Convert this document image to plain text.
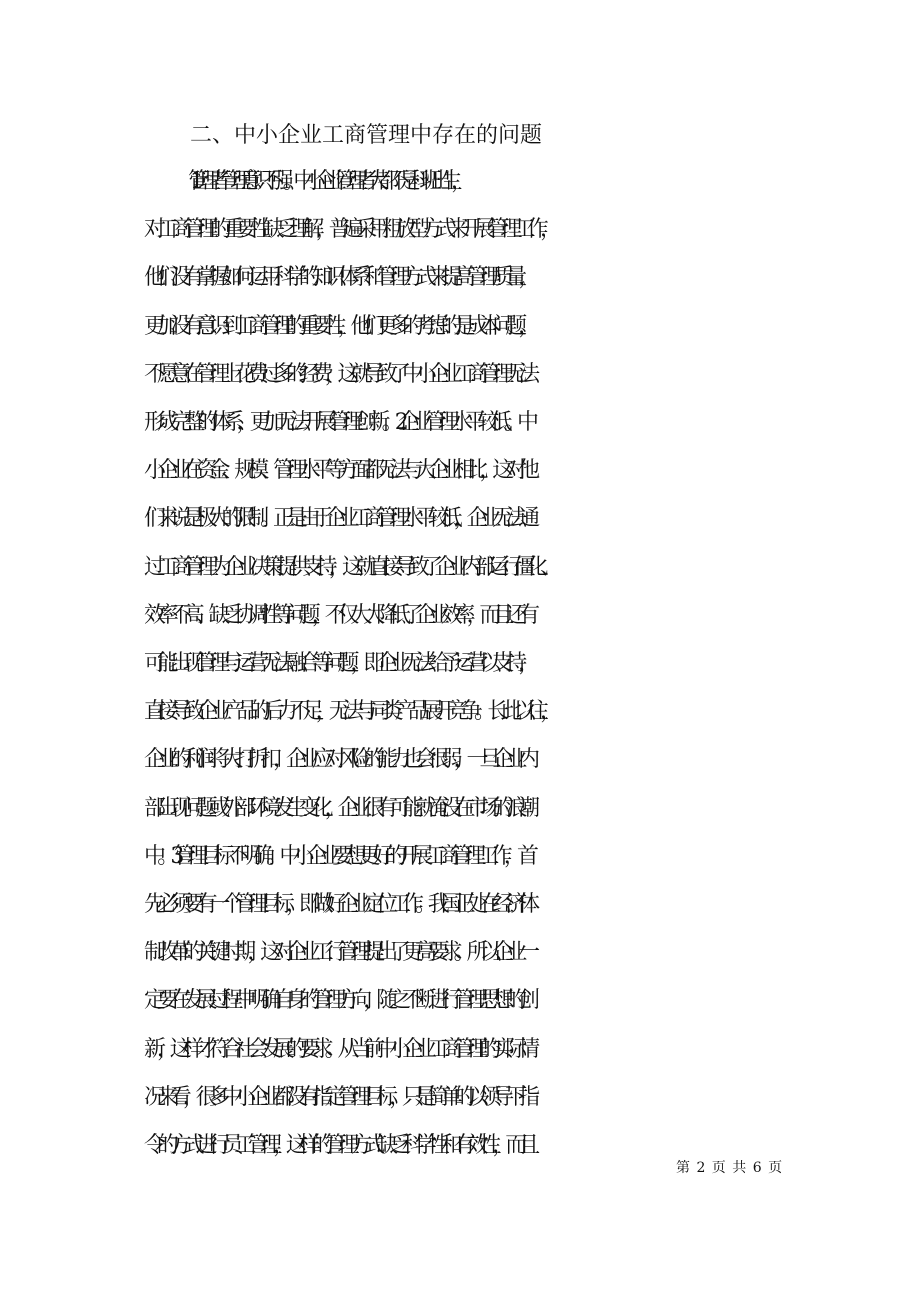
二、中小企业工商管理中存在的问题
1.管理者管理意识不强。中小企业管理者大都不是科班出生，
对工商管理的重要性缺乏理解，普遍采用粗放型方式来开展管理工作，
他们没有掌握如何运用科学的知识体系和管理方式来提高管理质量，
更加没有意识到工商管理的重要性，他们更多的考虑的是成本问题，
不愿意在管理上花费过多的经费，这就导致了中小企业工商管理无法
形成完整的体系，更加无法开展管理创新。2.企业管理水平较低。中
小企业在资金、规模、管理水平等方面都无法与大企业相比，这对他
们来说是极大的限制。正是由于企业工商管理水平较低，企业无法通
过工商管理为企业决策提供支持，这就直接导致了企业内部运行僵化、
效率不高、缺乏协调性等问题，不仅大大降低了企业效率，而且还有
可能出现管理与运营无法融合等问题，即企业无法给予运营以支持，
直接导致企业产品的后力不足，无法与同类产品展开竞争。长此以往，
企业的利润将大打折扣，企业应对风险的能力也会很弱，一旦企业内
部出现问题或外部环境发生变化，企业很有可能就淹没在市场的浪潮
中。3.管理目标不明确。中小企业要想更好的开展工商管理工作，首
先必须要有一个管理目标，即做好企业定位工作。我国正处在经济体
制改革的关键时期，这对企业工行管理提出了更高要求。所以企业一
定要在发展过程中明确自身的管理方向，随之不断进行管理思想的创
新，这样才符合社会发展的要求。从当前中小企业工商管理的实际情
况来看，很多中小企业都没有指定管理目标，只是简单的以领导下指
令的方式进行员工管理，这样的管理方式缺乏科学性和有效性，而且
第 2 页 共 6 页
